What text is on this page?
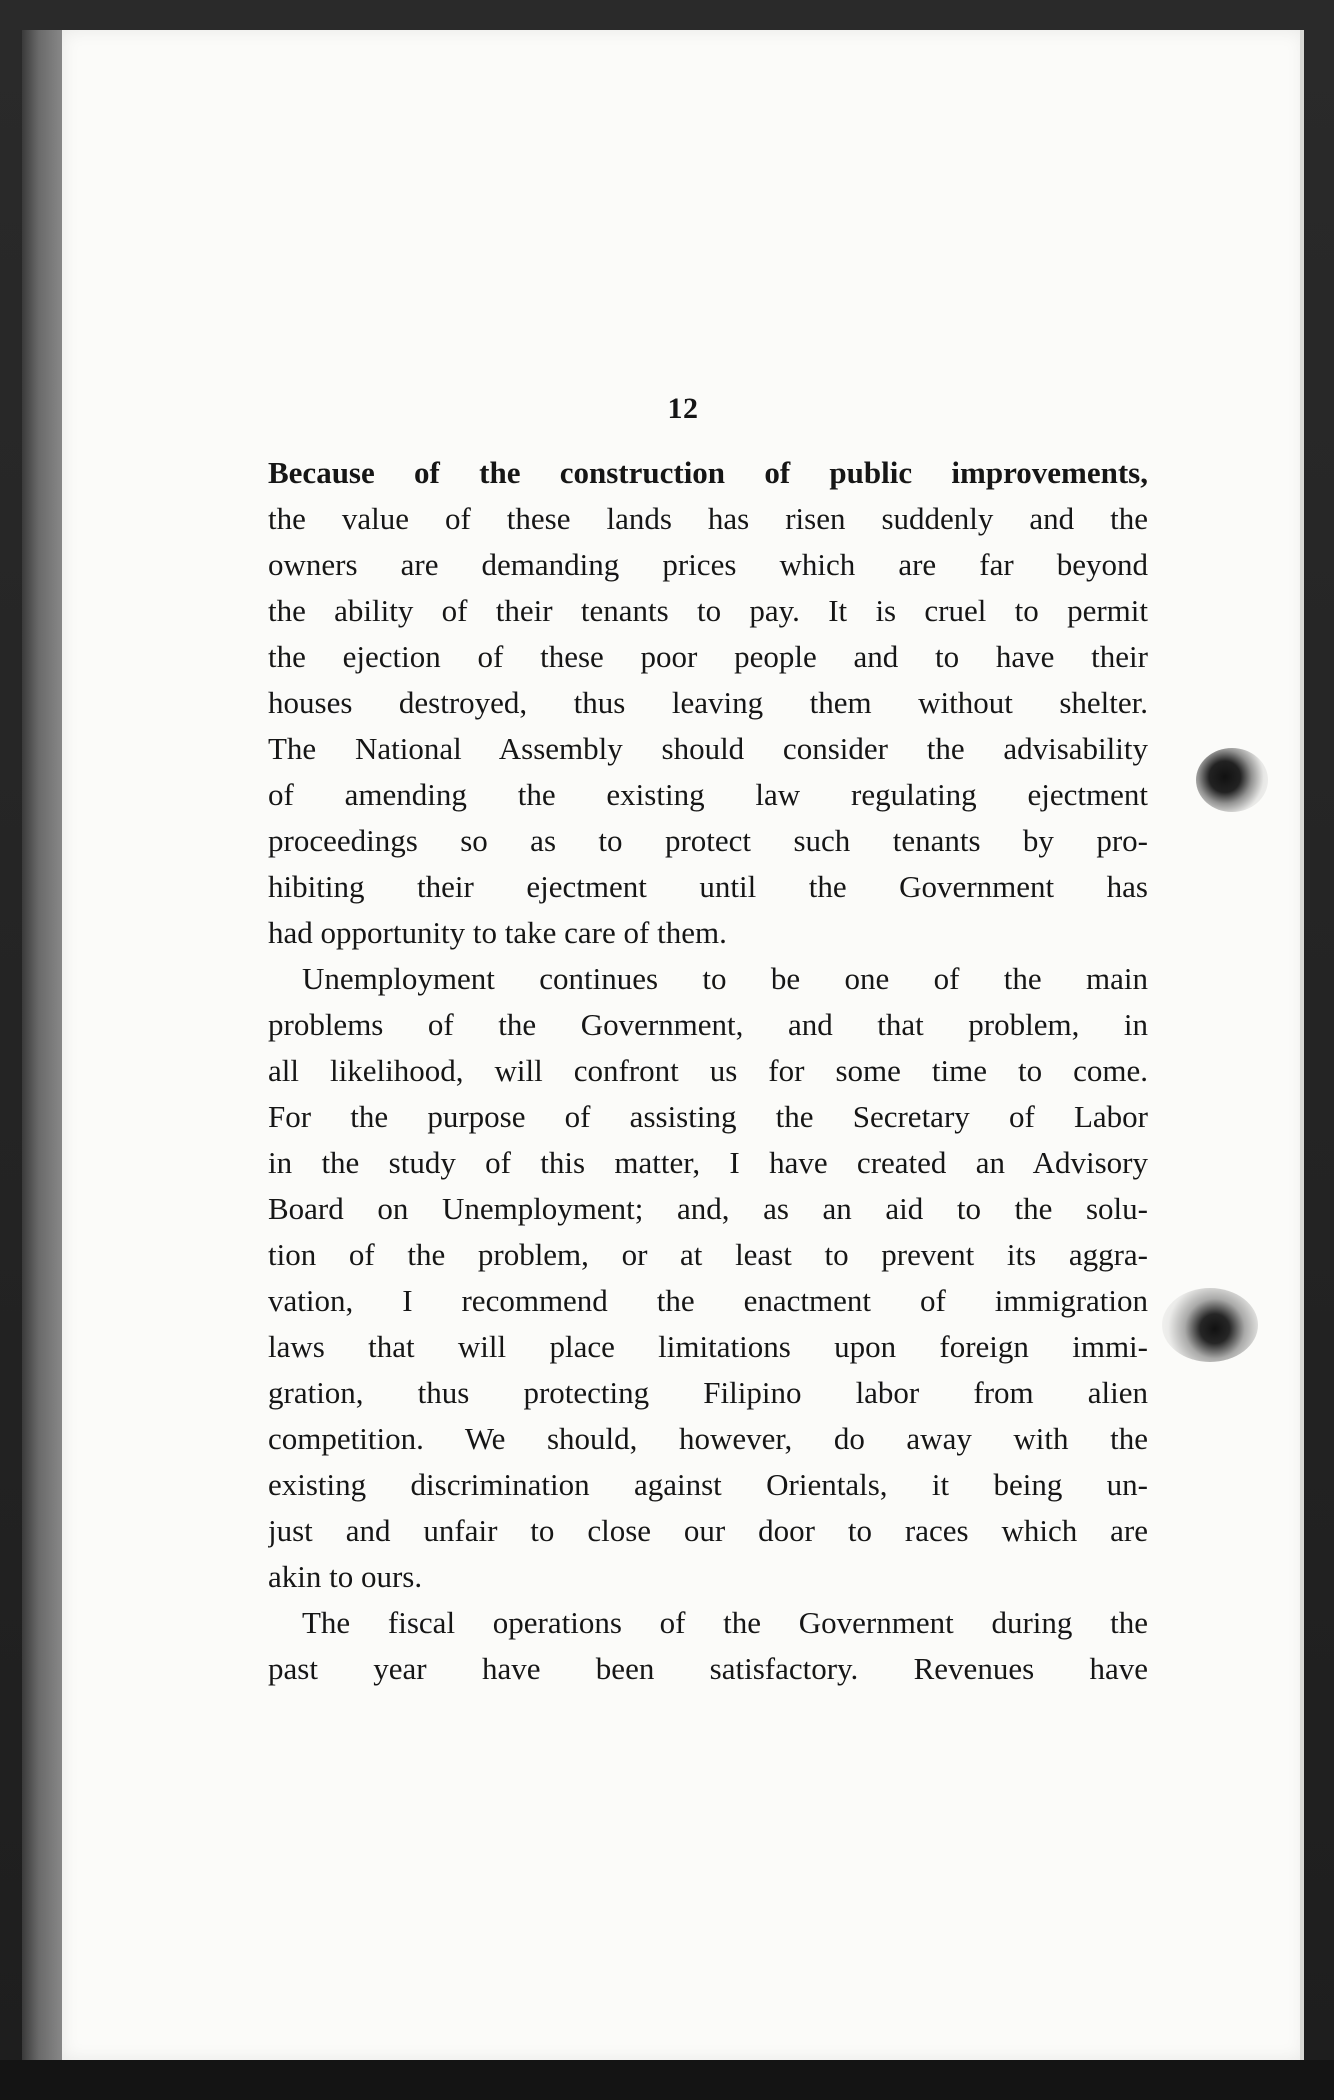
12
Because of the construction of public improvements,
the value of these lands has risen suddenly and the
owners are demanding prices which are far beyond
the ability of their tenants to pay. It is cruel to permit
the ejection of these poor people and to have their
houses destroyed, thus leaving them without shelter.
The National Assembly should consider the advisability
of amending the existing law regulating ejectment
proceedings so as to protect such tenants by pro-
hibiting their ejectment until the Government has
had opportunity to take care of them.
Unemployment continues to be one of the main
problems of the Government, and that problem, in
all likelihood, will confront us for some time to come.
For the purpose of assisting the Secretary of Labor
in the study of this matter, I have created an Advisory
Board on Unemployment; and, as an aid to the solu-
tion of the problem, or at least to prevent its aggra-
vation, I recommend the enactment of immigration
laws that will place limitations upon foreign immi-
gration, thus protecting Filipino labor from alien
competition. We should, however, do away with the
existing discrimination against Orientals, it being un-
just and unfair to close our door to races which are
akin to ours.
The fiscal operations of the Government during the
past year have been satisfactory. Revenues have
